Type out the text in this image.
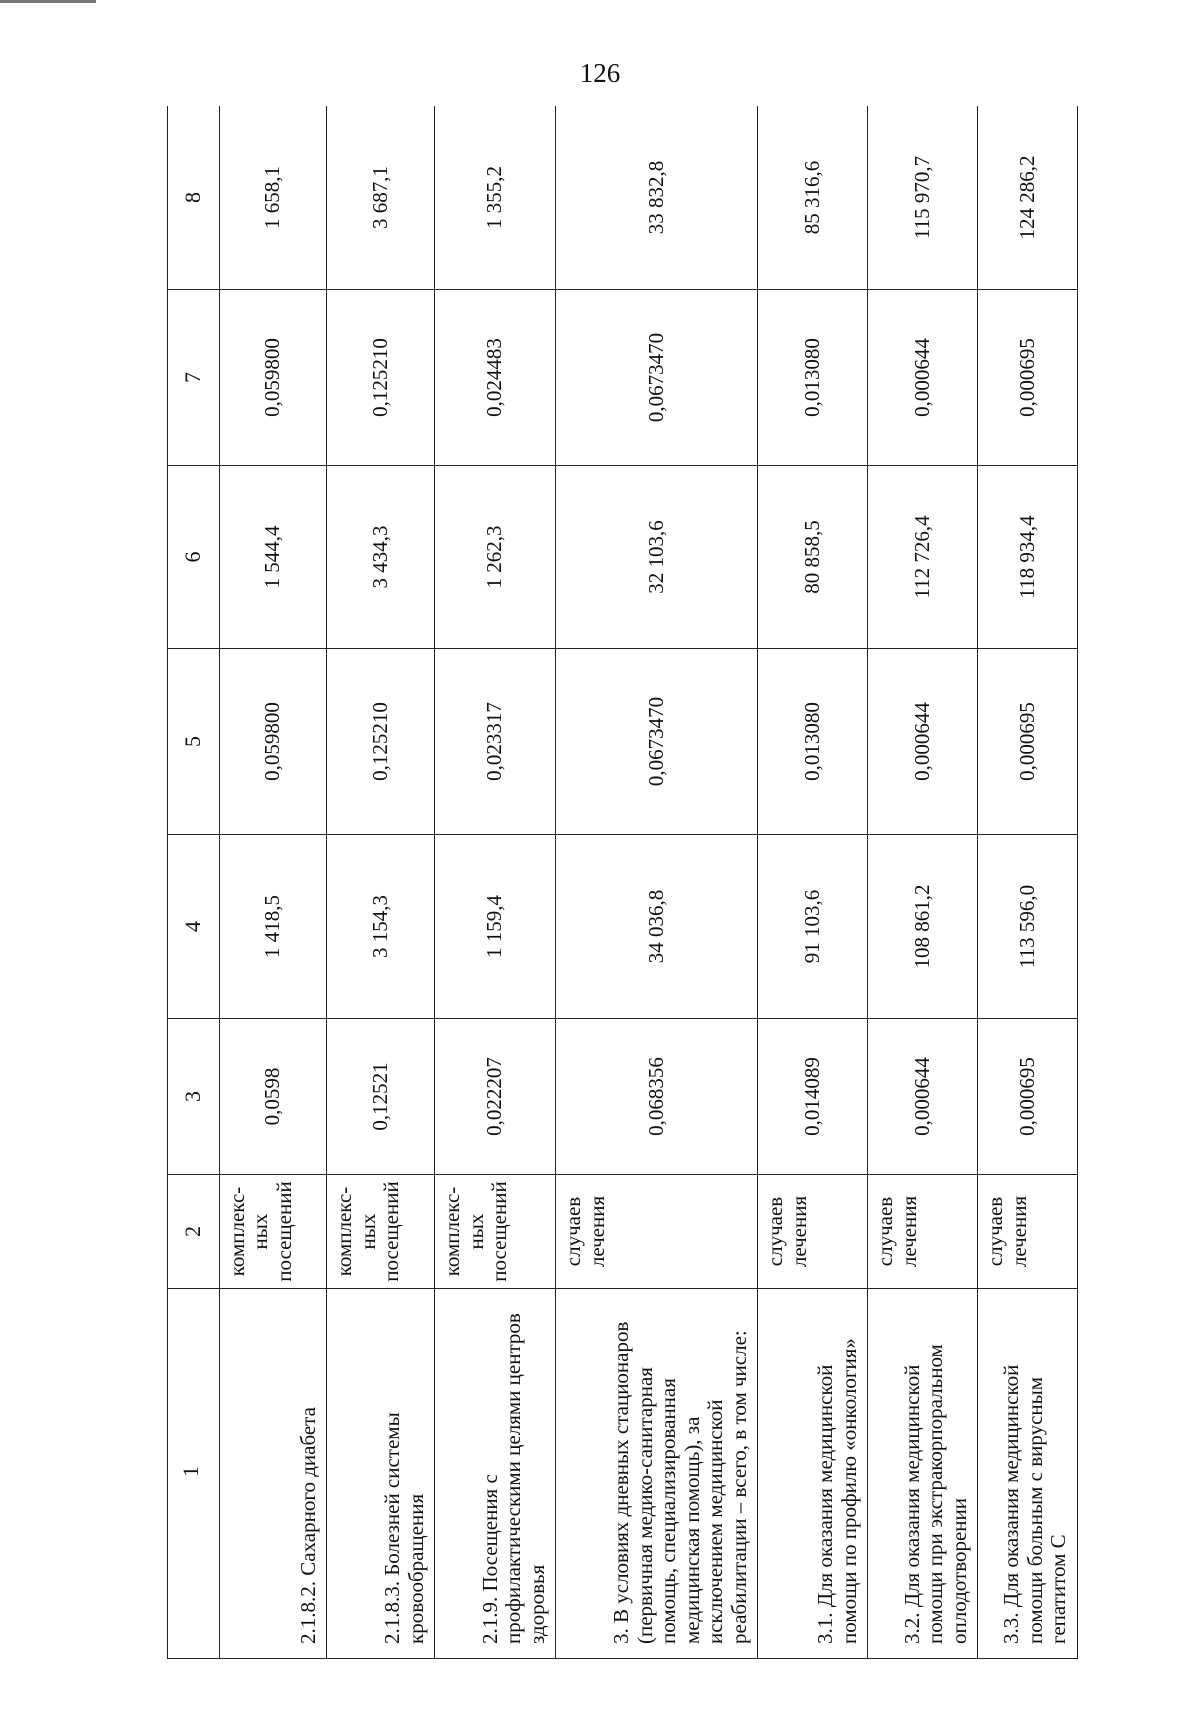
126
1	2	3	4	5	6	7	8
2.1.8.2. Сахарного диабета	комплекс-ных посещений	0,0598	1 418,5	0,059800	1 544,4	0,059800	1 658,1
2.1.8.3. Болезней системы кровообращения	комплекс-ных посещений	0,12521	3 154,3	0,125210	3 434,3	0,125210	3 687,1
2.1.9. Посещения с профилактическими целями центров здоровья	комплекс-ных посещений	0,022207	1 159,4	0,023317	1 262,3	0,024483	1 355,2
3. В условиях дневных стационаров (первичная медико-санитарная помощь, специализированная медицинская помощь), за исключением медицинской реабилитации – всего, в том числе:	случаев лечения	0,068356	34 036,8	0,0673470	32 103,6	0,0673470	33 832,8
3.1. Для оказания медицинской помощи по профилю «онкология»	случаев лечения	0,014089	91 103,6	0,013080	80 858,5	0,013080	85 316,6
3.2. Для оказания медицинской помощи при экстракорпоральном оплодотворении	случаев лечения	0,000644	108 861,2	0,000644	112 726,4	0,000644	115 970,7
3.3. Для оказания медицинской помощи больным с вирусным гепатитом С	случаев лечения	0,000695	113 596,0	0,000695	118 934,4	0,000695	124 286,2
